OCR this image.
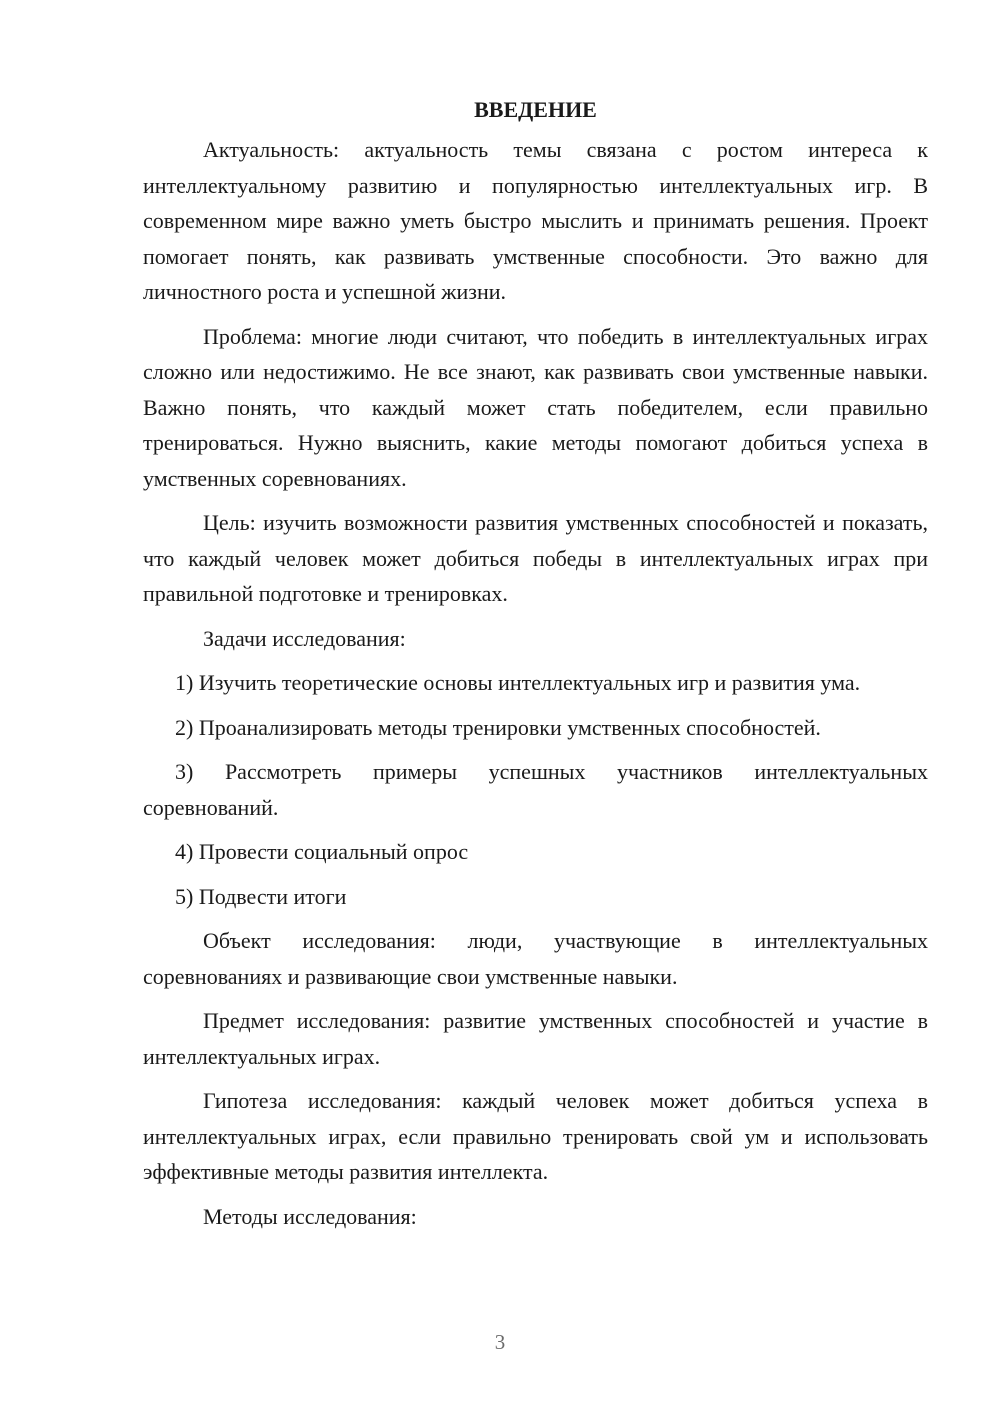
ВВЕДЕНИЕ

Актуальность: актуальность темы связана с ростом интереса к интеллектуальному развитию и популярностью интеллектуальных игр. В современном мире важно уметь быстро мыслить и принимать решения. Проект помогает понять, как развивать умственные способности. Это важно для личностного роста и успешной жизни.

Проблема: многие люди считают, что победить в интеллектуальных играх сложно или недостижимо. Не все знают, как развивать свои умственные навыки. Важно понять, что каждый может стать победителем, если правильно тренироваться. Нужно выяснить, какие методы помогают добиться успеха в умственных соревнованиях.

Цель: изучить возможности развития умственных способностей и показать, что каждый человек может добиться победы в интеллектуальных играх при правильной подготовке и тренировках.

Задачи исследования:

1) Изучить теоретические основы интеллектуальных игр и развития ума.

2) Проанализировать методы тренировки умственных способностей.

3) Рассмотреть примеры успешных участников интеллектуальных соревнований.

4) Провести социальный опрос

5) Подвести итоги

Объект исследования: люди, участвующие в интеллектуальных соревнованиях и развивающие свои умственные навыки.

Предмет исследования: развитие умственных способностей и участие в интеллектуальных играх.

Гипотеза исследования: каждый человек может добиться успеха в интеллектуальных играх, если правильно тренировать свой ум и использовать эффективные методы развития интеллекта.

Методы исследования:

3
